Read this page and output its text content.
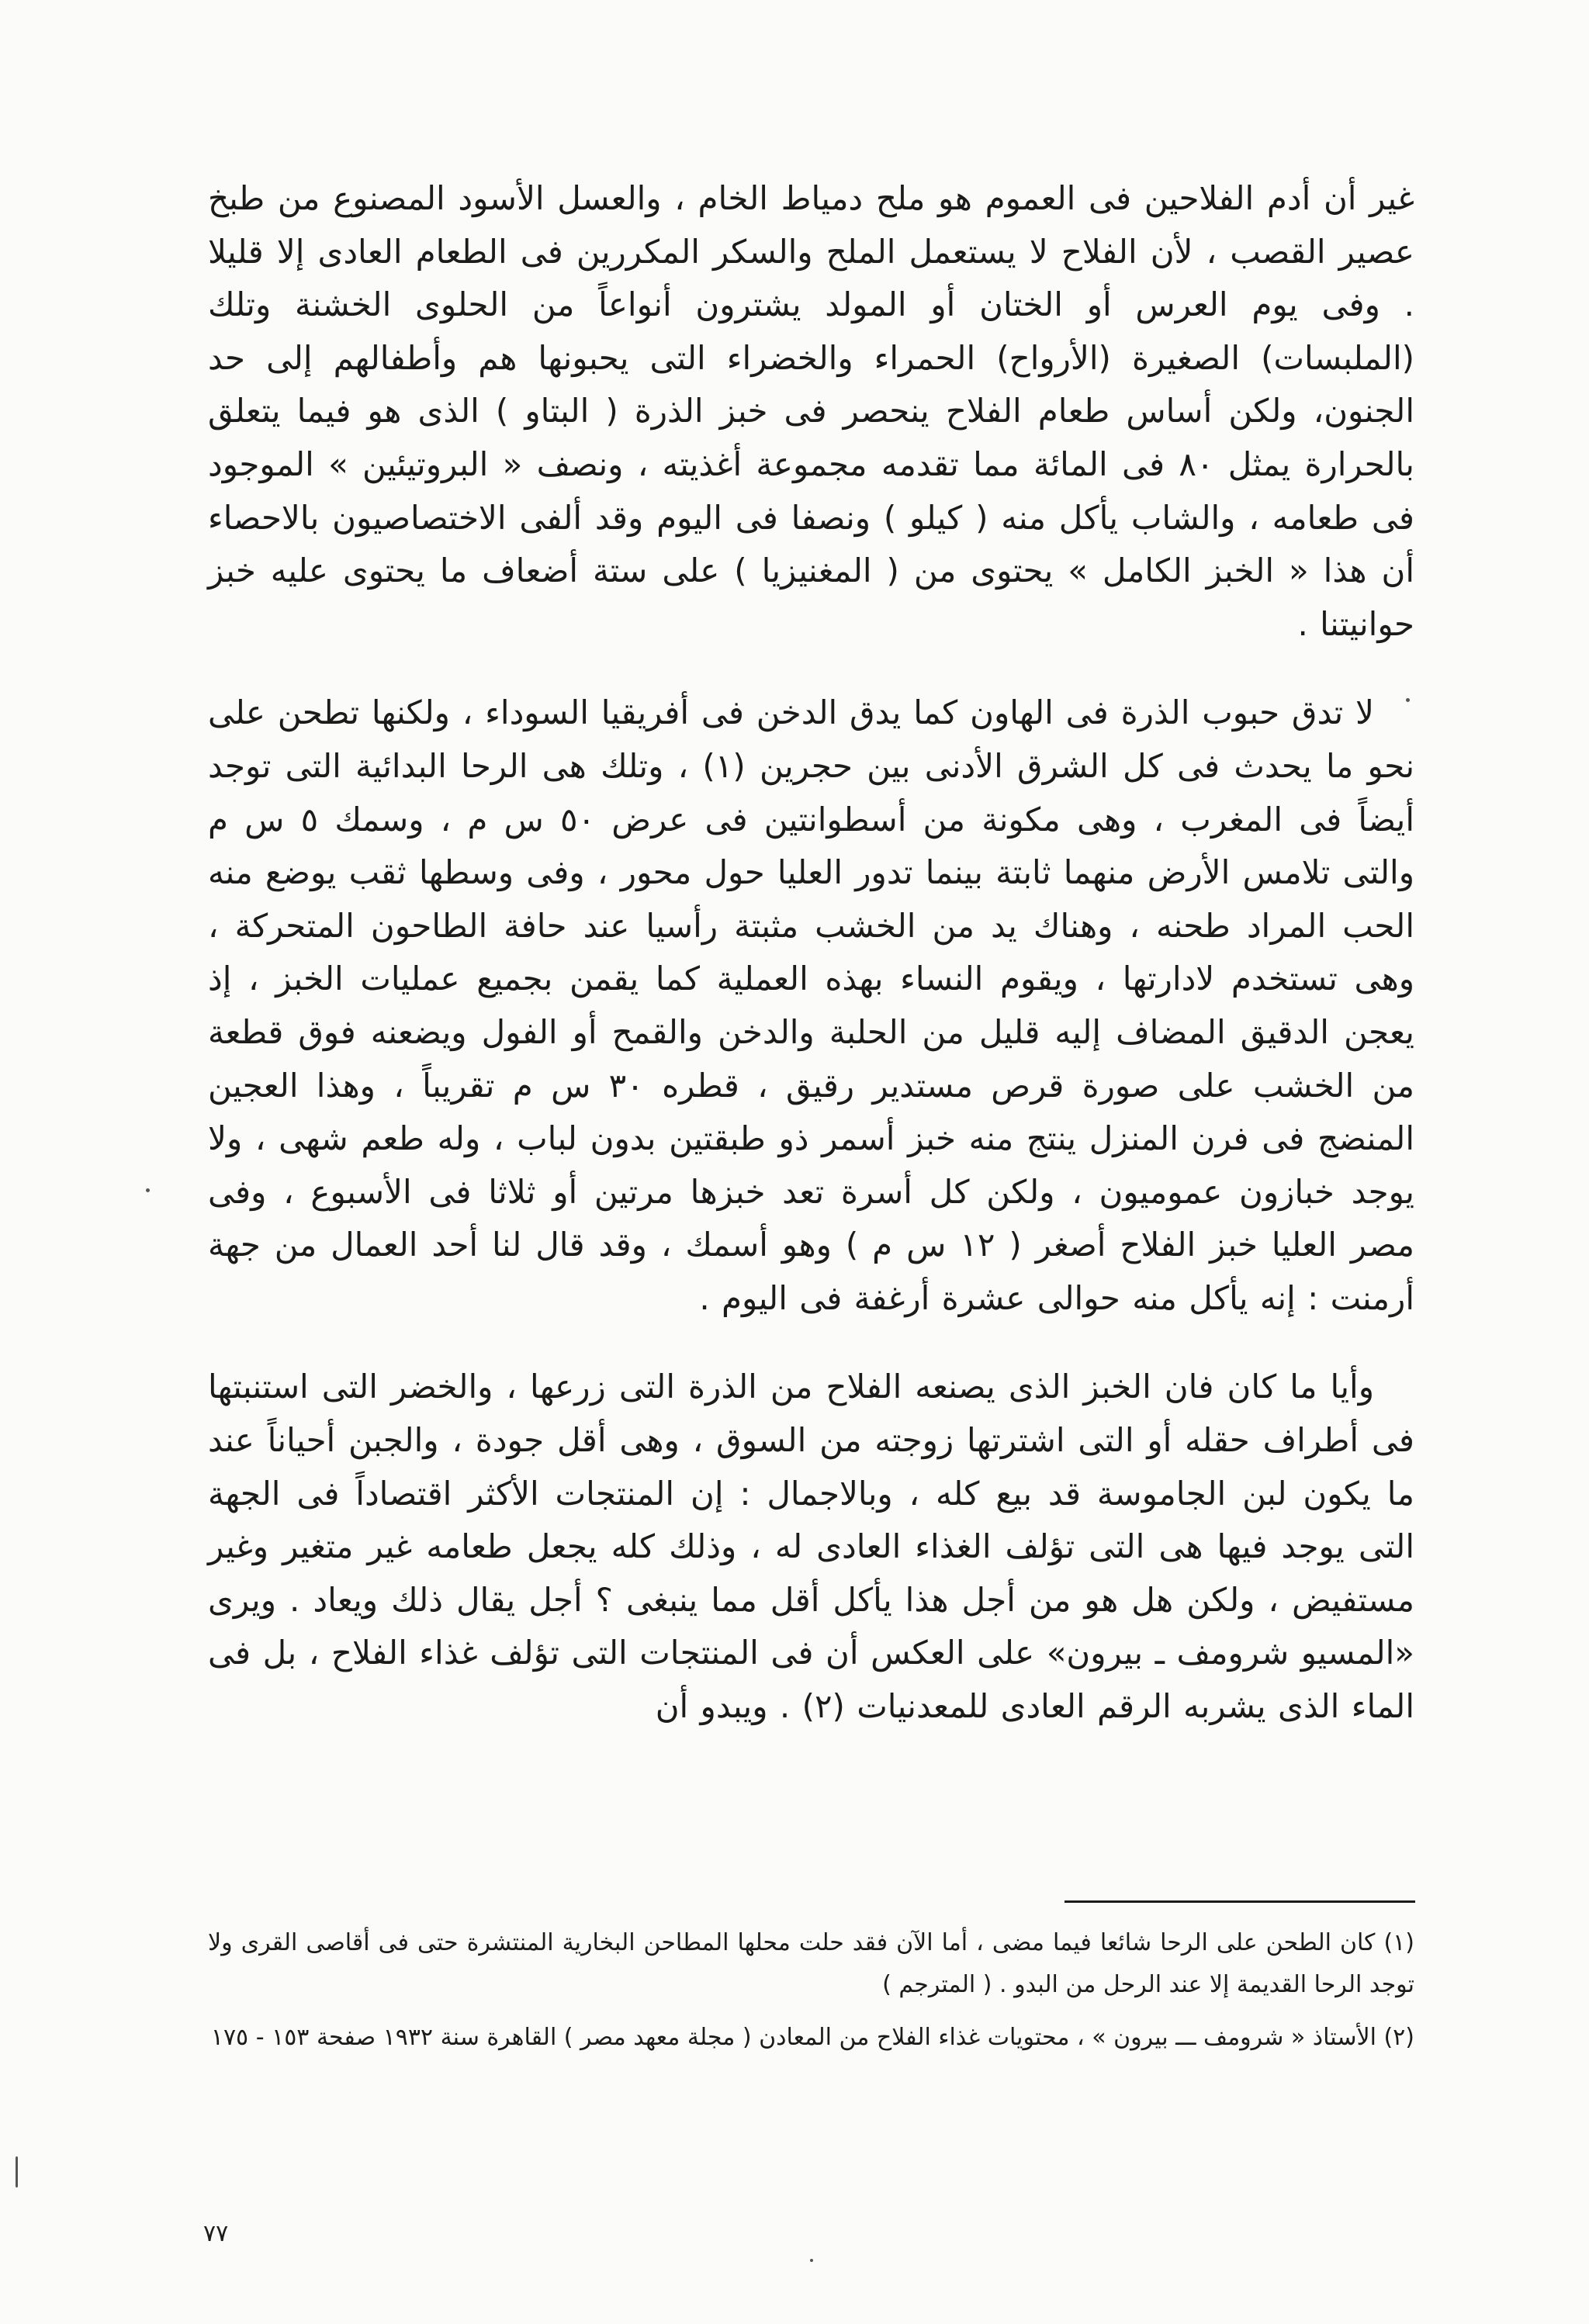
غير أن أدم الفلاحين فى العموم هو ملح دمياط الخام ، والعسل الأسود المصنوع من طبخ عصير القصب ، لأن الفلاح لا يستعمل الملح والسكر المكررين فى الطعام العادى إلا قليلا . وفى يوم العرس أو الختان أو المولد يشترون أنواعاً من الحلوى الخشنة وتلك (الملبسات) الصغيرة (الأرواح) الحمراء والخضراء التى يحبونها هم وأطفالهم إلى حد الجنون، ولكن أساس طعام الفلاح ينحصر فى خبز الذرة ( البتاو ) الذى هو فيما يتعلق بالحرارة يمثل ٨٠ فى المائة مما تقدمه مجموعة أغذيته ، ونصف « البروتيئين » الموجود فى طعامه ، والشاب يأكل منه ( كيلو ) ونصفا فى اليوم وقد ألفى الاختصاصيون بالاحصاء أن هذا « الخبز الكامل » يحتوى من ( المغنيزيا ) على ستة أضعاف ما يحتوى عليه خبز حوانيتنا .

لا تدق حبوب الذرة فى الهاون كما يدق الدخن فى أفريقيا السوداء ، ولكنها تطحن على نحو ما يحدث فى كل الشرق الأدنى بين حجرين (١) ، وتلك هى الرحا البدائية التى توجد أيضاً فى المغرب ، وهى مكونة من أسطوانتين فى عرض ٥٠ س م ، وسمك ٥ س م والتى تلامس الأرض منهما ثابتة بينما تدور العليا حول محور ، وفى وسطها ثقب يوضع منه الحب المراد طحنه ، وهناك يد من الخشب مثبتة رأسيا عند حافة الطاحون المتحركة ، وهى تستخدم لادارتها ، ويقوم النساء بهذه العملية كما يقمن بجميع عمليات الخبز ، إذ يعجن الدقيق المضاف إليه قليل من الحلبة والدخن والقمح أو الفول ويضعنه فوق قطعة من الخشب على صورة قرص مستدير رقيق ، قطره ٣٠ س م تقريباً ، وهذا العجين المنضج فى فرن المنزل ينتج منه خبز أسمر ذو طبقتين بدون لباب ، وله طعم شهى ، ولا يوجد خبازون عموميون ، ولكن كل أسرة تعد خبزها مرتين أو ثلاثا فى الأسبوع ، وفى مصر العليا خبز الفلاح أصغر ( ١٢ س م ) وهو أسمك ، وقد قال لنا أحد العمال من جهة أرمنت : إنه يأكل منه حوالى عشرة أرغفة فى اليوم .

وأيا ما كان فان الخبز الذى يصنعه الفلاح من الذرة التى زرعها ، والخضر التى استنبتها فى أطراف حقله أو التى اشترتها زوجته من السوق ، وهى أقل جودة ، والجبن أحياناً عند ما يكون لبن الجاموسة قد بيع كله ، وبالاجمال : إن المنتجات الأكثر اقتصاداً فى الجهة التى يوجد فيها هى التى تؤلف الغذاء العادى له ، وذلك كله يجعل طعامه غير متغير وغير مستفيض ، ولكن هل هو من أجل هذا يأكل أقل مما ينبغى ؟ أجل يقال ذلك ويعاد . ويرى «المسيو شرومف ـ بيرون» على العكس أن فى المنتجات التى تؤلف غذاء الفلاح ، بل فى الماء الذى يشربه الرقم العادى للمعدنيات (٢) . ويبدو أن

(١) كان الطحن على الرحا شائعا فيما مضى ، أما الآن فقد حلت محلها المطاحن البخارية المنتشرة حتى فى أقاصى القرى ولا توجد الرحا القديمة إلا عند الرحل من البدو . ( المترجم )

(٢) الأستاذ « شرومف ـــ بيرون » ، محتويات غذاء الفلاح من المعادن ( مجلة معهد مصر ) القاهرة سنة ١٩٣٢ صفحة ١٥٣ - ١٧٥

٧٧
